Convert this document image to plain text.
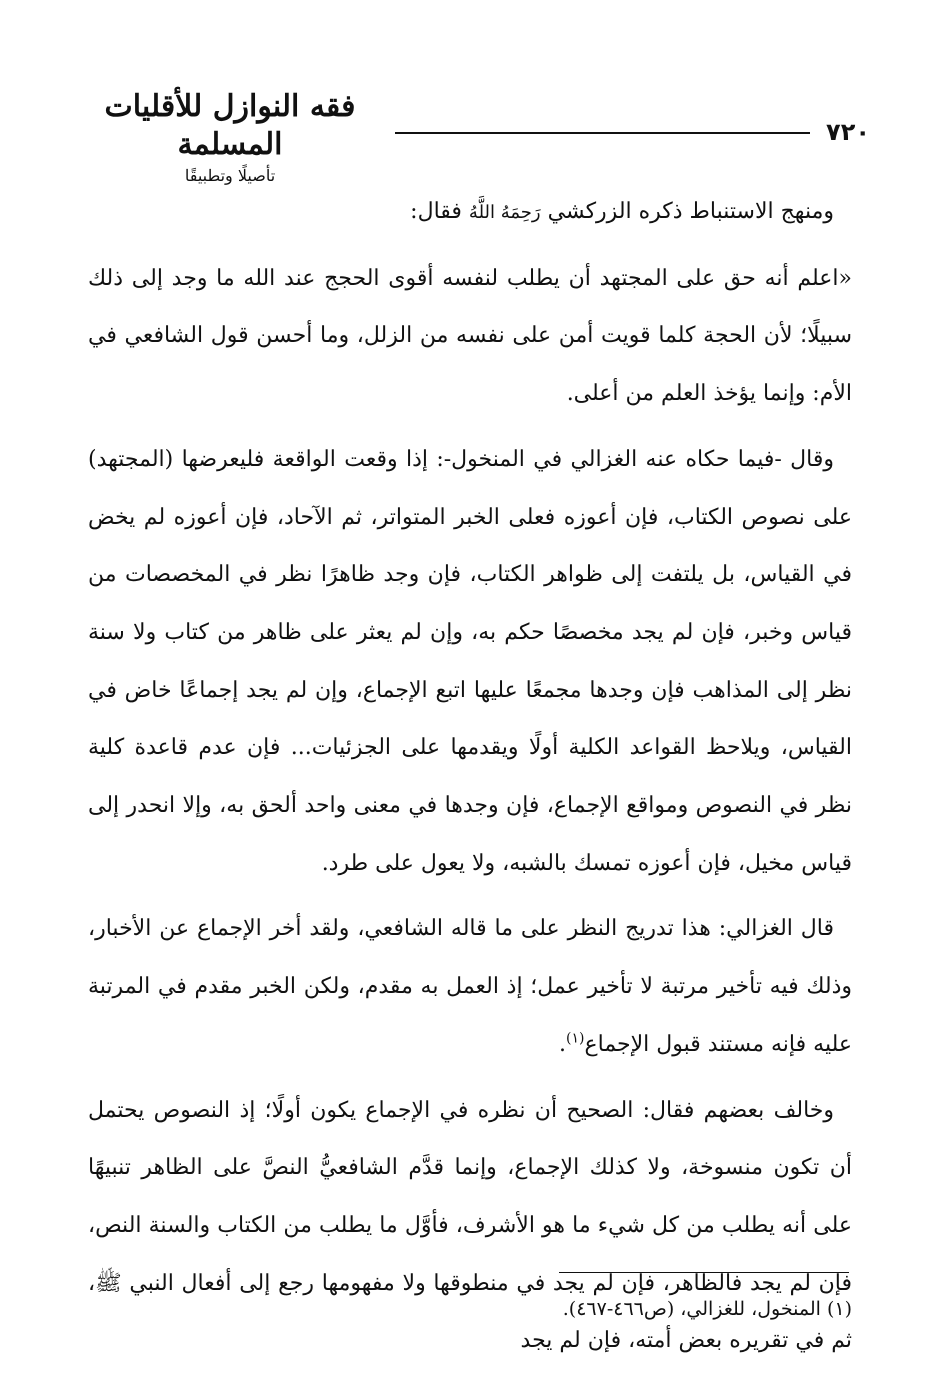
فقه النوازل للأقليات المسلمة
تأصيلًا وتطبيقًا
٧٢٠

ومنهج الاستنباط ذكره الزركشي رَحِمَهُ اللَّهُ فقال:

«اعلم أنه حق على المجتهد أن يطلب لنفسه أقوى الحجج عند الله ما وجد إلى ذلك سبيلًا؛ لأن الحجة كلما قويت أمن على نفسه من الزلل، وما أحسن قول الشافعي في الأم: وإنما يؤخذ العلم من أعلى.

وقال -فيما حكاه عنه الغزالي في المنخول-: إذا وقعت الواقعة فليعرضها (المجتهد) على نصوص الكتاب، فإن أعوزه فعلى الخبر المتواتر، ثم الآحاد، فإن أعوزه لم يخض في القياس، بل يلتفت إلى ظواهر الكتاب، فإن وجد ظاهرًا نظر في المخصصات من قياس وخبر، فإن لم يجد مخصصًا حكم به، وإن لم يعثر على ظاهر من كتاب ولا سنة نظر إلى المذاهب فإن وجدها مجمعًا عليها اتبع الإجماع، وإن لم يجد إجماعًا خاض في القياس، ويلاحظ القواعد الكلية أولًا ويقدمها على الجزئيات... فإن عدم قاعدة كلية نظر في النصوص ومواقع الإجماع، فإن وجدها في معنى واحد ألحق به، وإلا انحدر إلى قياس مخيل، فإن أعوزه تمسك بالشبه، ولا يعول على طرد.

قال الغزالي: هذا تدريج النظر على ما قاله الشافعي، ولقد أخر الإجماع عن الأخبار، وذلك فيه تأخير مرتبة لا تأخير عمل؛ إذ العمل به مقدم، ولكن الخبر مقدم في المرتبة عليه فإنه مستند قبول الإجماع$^{(١)}$.

وخالف بعضهم فقال: الصحيح أن نظره في الإجماع يكون أولًا؛ إذ النصوص يحتمل أن تكون منسوخة، ولا كذلك الإجماع، وإنما قدَّم الشافعيُّ النصَّ على الظاهر تنبيهًا على أنه يطلب من كل شيء ما هو الأشرف، فأوَّل ما يطلب من الكتاب والسنة النص، فإن لم يجد فالظاهر، فإن لم يجد في منطوقها ولا مفهومها رجع إلى أفعال النبي ﷺ، ثم في تقريره بعض أمته، فإن لم يجد

(١) المنخول، للغزالي، (ص٤٦٦-٤٦٧).
